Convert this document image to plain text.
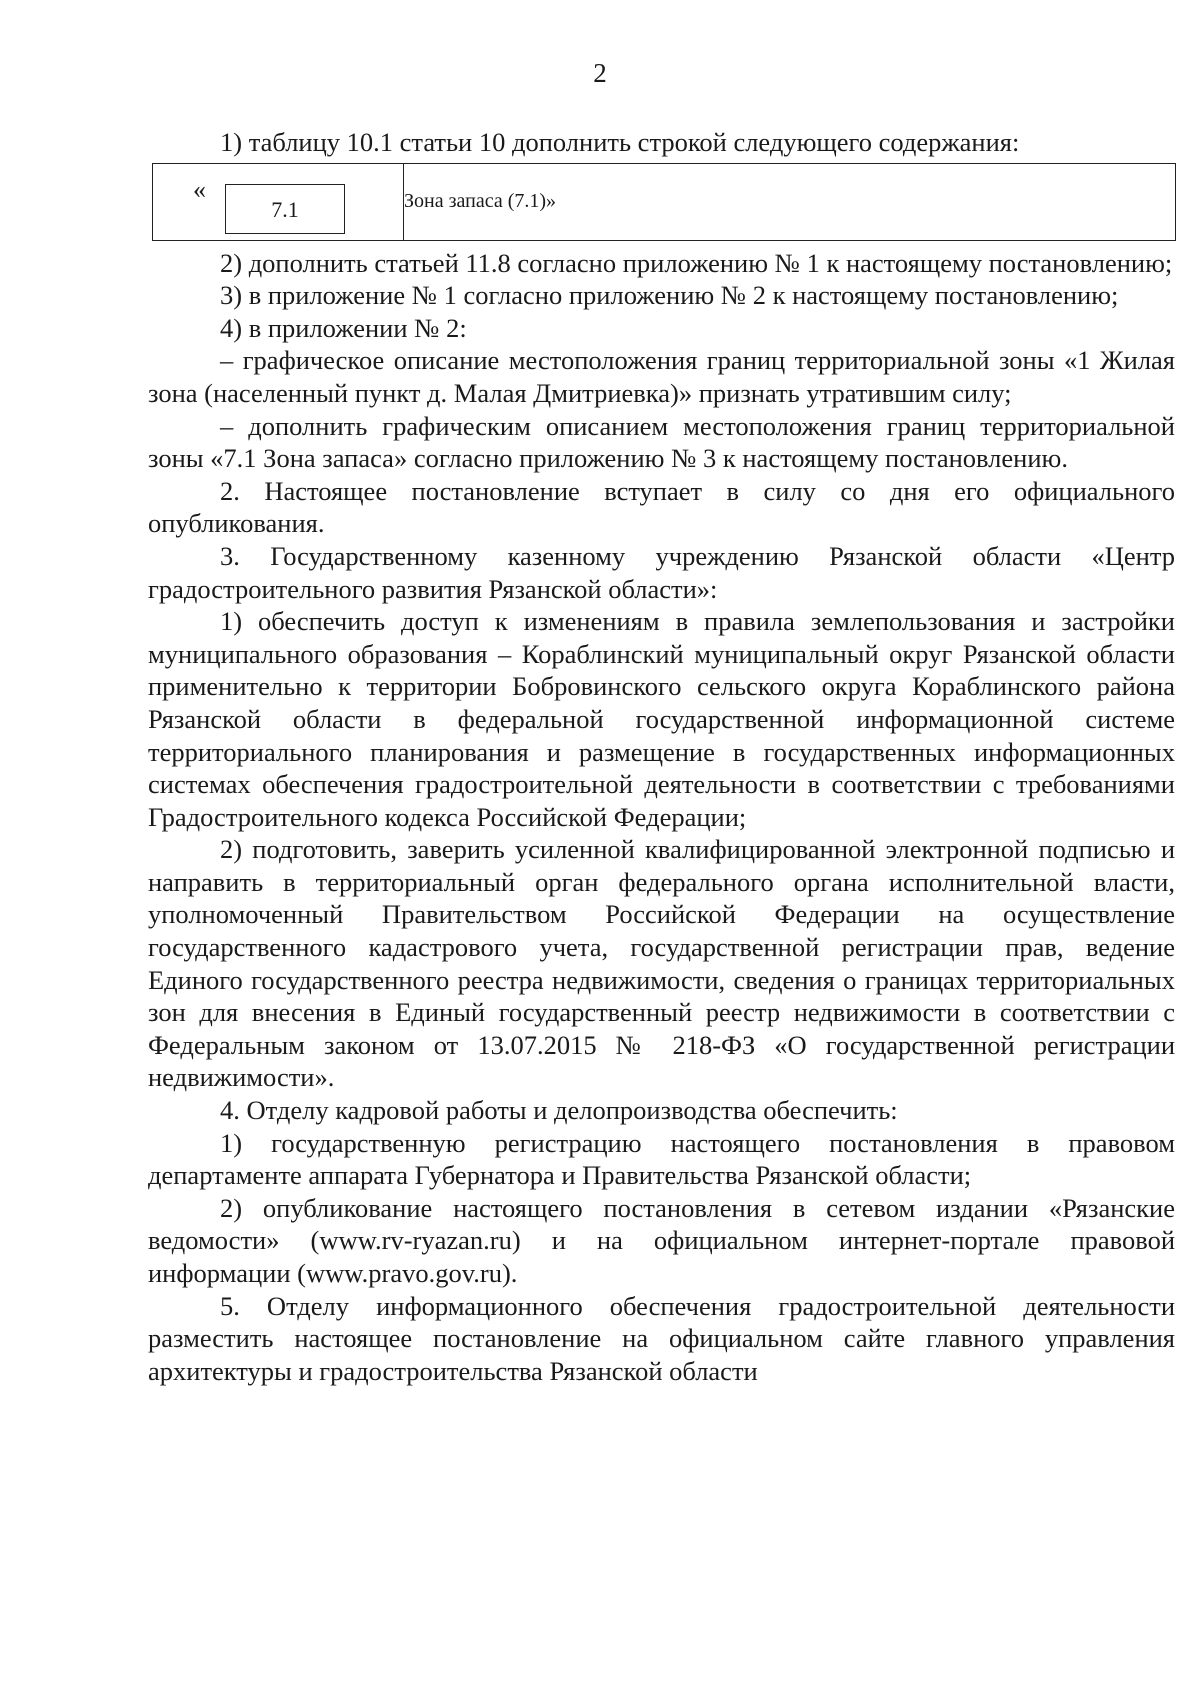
2

1) таблицу 10.1 статьи 10 дополнить строкой следующего содержания:

«
7.1	Зона запаса (7.1)»

2) дополнить статьей 11.8 согласно приложению № 1 к настоящему постановлению;

3) в приложение № 1 согласно приложению № 2 к настоящему постановлению;

4) в приложении № 2:

– графическое описание местоположения границ территориальной зоны «1 Жилая зона (населенный пункт д. Малая Дмитриевка)» признать утратившим силу;

– дополнить графическим описанием местоположения границ территориальной зоны «7.1 Зона запаса» согласно приложению № 3 к настоящему постановлению.

2. Настоящее постановление вступает в силу со дня его официального опубликования.

3. Государственному казенному учреждению Рязанской области «Центр градостроительного развития Рязанской области»:

1) обеспечить доступ к изменениям в правила землепользования и застройки муниципального образования – Кораблинский муниципальный округ Рязанской области применительно к территории Бобровинского сельского округа Кораблинского района Рязанской области в федеральной государственной информационной системе территориального планирования и размещение в государственных информационных системах обеспечения градостроительной деятельности в соответствии с требованиями Градостроительного кодекса Российской Федерации;

2) подготовить, заверить усиленной квалифицированной электронной подписью и направить в территориальный орган федерального органа исполнительной власти, уполномоченный Правительством Российской Федерации на осуществление государственного кадастрового учета, государственной регистрации прав, ведение Единого государственного реестра недвижимости, сведения о границах территориальных зон для внесения в Единый государственный реестр недвижимости в соответствии с Федеральным законом от 13.07.2015 № 218-ФЗ «О государственной регистрации недвижимости».

4. Отделу кадровой работы и делопроизводства обеспечить:

1) государственную регистрацию настоящего постановления в правовом департаменте аппарата Губернатора и Правительства Рязанской области;

2) опубликование настоящего постановления в сетевом издании «Рязанские ведомости» (www.rv-ryazan.ru) и на официальном интернет-портале правовой информации (www.pravo.gov.ru).

5. Отделу информационного обеспечения градостроительной деятельности разместить настоящее постановление на официальном сайте главного управления архитектуры и градостроительства Рязанской области
